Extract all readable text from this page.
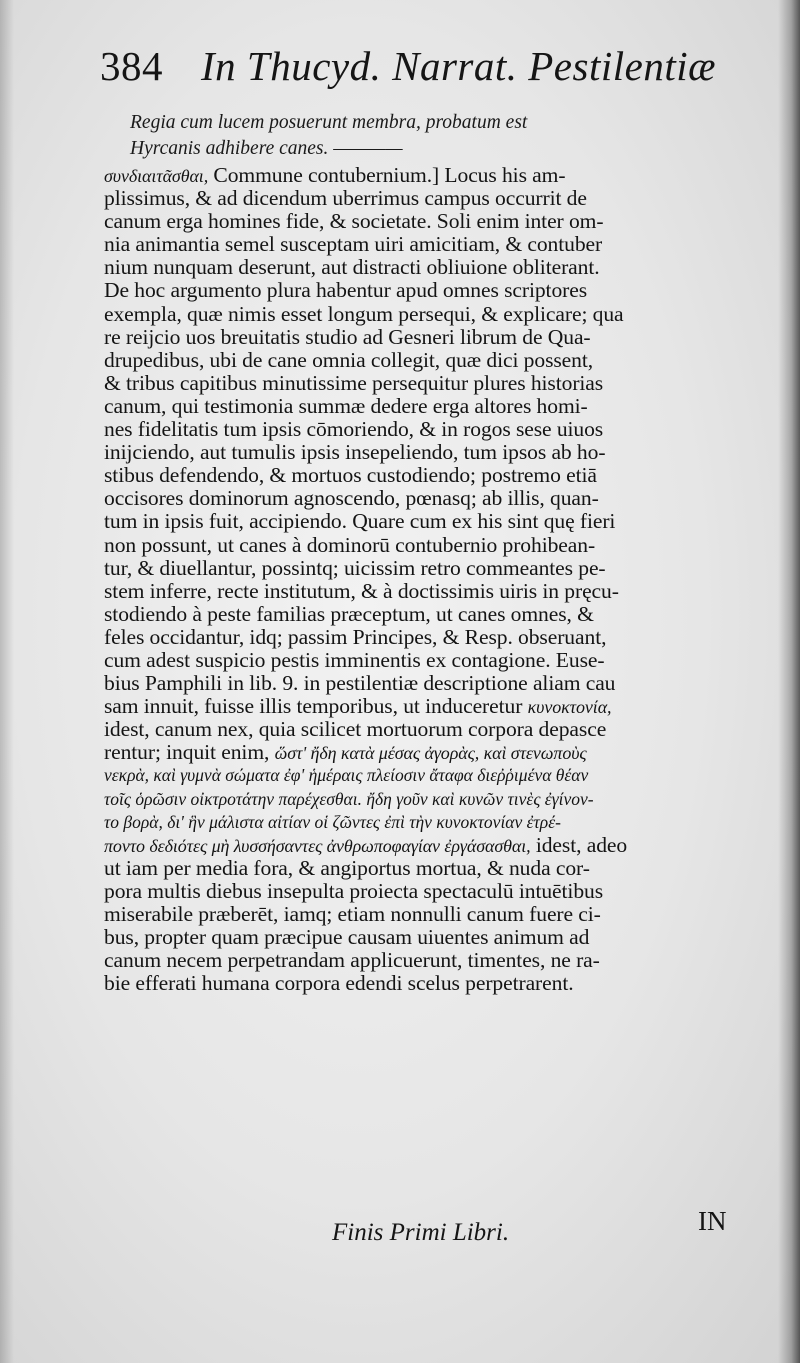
384 In Thucyd. Narrat. Pestilentiæ
Regia cum lucem posuerunt membra, probatum est
Hyrcanis adhibere canes. ————
συνδιαιτᾶσθαι, Commune contubernium.] Locus his am-
plissimus, & ad dicendum uberrimus campus occurrit de
canum erga homines fide, & societate. Soli enim inter om-
nia animantia semel susceptam uiri amicitiam, & contuber
nium nunquam deserunt, aut distracti obliuione obliterant.
De hoc argumento plura habentur apud omnes scriptores
exempla, quæ nimis esset longum persequi, & explicare; qua
re reijcio uos breuitatis studio ad Gesneri librum de Qua-
drupedibus, ubi de cane omnia collegit, quæ dici possent,
& tribus capitibus minutissime persequitur plures historias
canum, qui testimonia summæ dedere erga altores homi-
nes fidelitatis tum ipsis cōmoriendo, & in rogos sese uiuos
inijciendo, aut tumulis ipsis insepeliendo, tum ipsos ab ho-
stibus defendendo, & mortuos custodiendo; postremo etiā
occisores dominorum agnoscendo, pœnasq; ab illis, quan-
tum in ipsis fuit, accipiendo. Quare cum ex his sint quę fieri
non possunt, ut canes à dominorū contubernio prohibean-
tur, & diuellantur, possintq; uicissim retro commeantes pe-
stem inferre, recte institutum, & à doctissimis uiris in pręcu-
stodiendo à peste familias præceptum, ut canes omnes, &
feles occidantur, idq; passim Principes, & Resp. obseruant,
cum adest suspicio pestis imminentis ex contagione. Euse-
bius Pamphili in lib. 9. in pestilentiæ descriptione aliam cau
sam innuit, fuisse illis temporibus, ut induceretur κυνοκτονία,
idest, canum nex, quia scilicet mortuorum corpora depasce
rentur; inquit enim, ὥστ' ἤδη κατὰ μέσας ἀγορὰς, καὶ στενωποὺς
νεκρὰ, καὶ γυμνὰ σώματα ἐφ' ἡμέραις πλείοσιν ἄταφα διεῤῥιμένα θέαν
τοῖς ὁρῶσιν οἰκτροτάτην παρέχεσθαι. ἤδη γοῦν καὶ κυνῶν τινὲς ἐγίνον-
το βορὰ, δι' ἣν μάλιστα αἰτίαν οἱ ζῶντες ἐπὶ τὴν κυνοκτονίαν ἐτρέ-
ποντο δεδιότες μὴ λυσσήσαντες ἀνθρωποφαγίαν ἐργάσασθαι, idest, adeo
ut iam per media fora, & angiportus mortua, & nuda cor-
pora multis diebus insepulta proiecta spectaculū intuētibus
miserabile præberēt, iamq; etiam nonnulli canum fuere ci-
bus, propter quam præcipue causam uiuentes animum ad
canum necem perpetrandam applicuerunt, timentes, ne ra-
bie efferati humana corpora edendi scelus perpetrarent.
Finis Primi Libri.	IN
